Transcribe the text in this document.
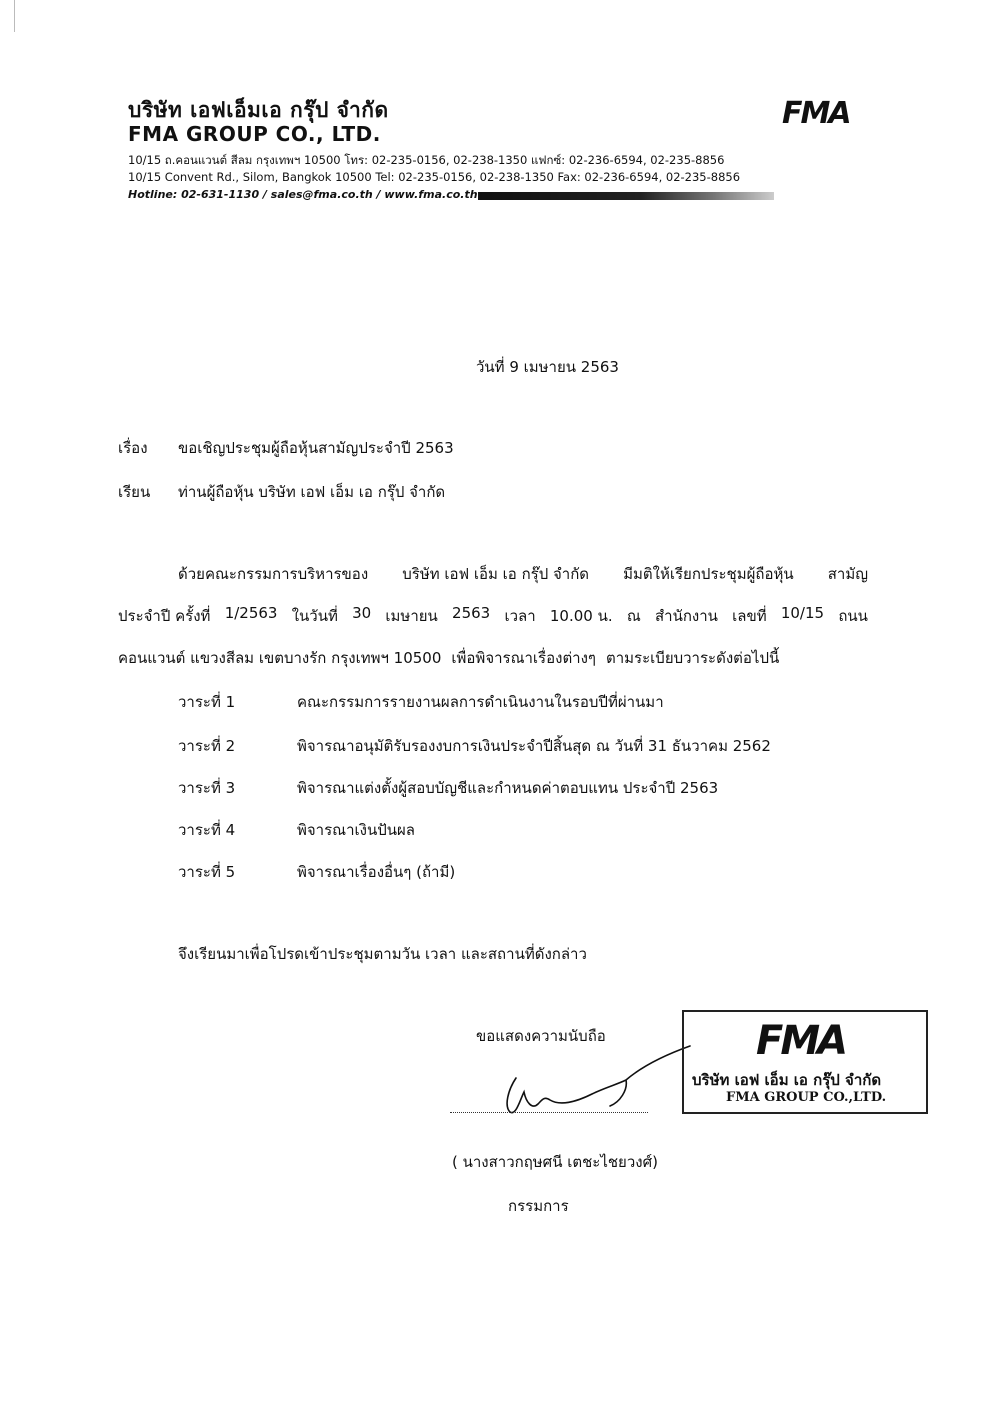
บริษัท เอฟเอ็มเอ กรุ๊ป จำกัด
FMA GROUP CO., LTD.
10/15 ถ.คอนแวนต์ สีลม กรุงเทพฯ 10500 โทร: 02-235-0156, 02-238-1350 แฟกซ์: 02-236-6594, 02-235-8856
10/15 Convent Rd., Silom, Bangkok 10500 Tel: 02-235-0156, 02-238-1350 Fax: 02-236-6594, 02-235-8856
Hotline: 02-631-1130 / sales@fma.co.th / www.fma.co.th
FMA
วันที่ 9 เมษายน 2563
เรื่อง ขอเชิญประชุมผู้ถือหุ้นสามัญประจำปี 2563
เรียน ท่านผู้ถือหุ้น บริษัท เอฟ เอ็ม เอ กรุ๊ป จำกัด
ด้วยคณะกรรมการบริหารของ บริษัท เอฟ เอ็ม เอ กรุ๊ป จำกัด มีมติให้เรียกประชุมผู้ถือหุ้น สามัญ
ประจำปี ครั้งที่ 1/2563 ในวันที่ 30 เมษายน 2563 เวลา 10.00 น. ณ สำนักงาน เลขที่ 10/15 ถนน
คอนแวนต์ แขวงสีลม เขตบางรัก กรุงเทพฯ 10500 เพื่อพิจารณาเรื่องต่างๆ ตามระเบียบวาระดังต่อไปนี้
วาระที่ 1	คณะกรรมการรายงานผลการดำเนินงานในรอบปีที่ผ่านมา
วาระที่ 2	พิจารณาอนุมัติรับรองงบการเงินประจำปีสิ้นสุด ณ วันที่ 31 ธันวาคม 2562
วาระที่ 3	พิจารณาแต่งตั้งผู้สอบบัญชีและกำหนดค่าตอบแทน ประจำปี 2563
วาระที่ 4	พิจารณาเงินปันผล
วาระที่ 5	พิจารณาเรื่องอื่นๆ (ถ้ามี)
จึงเรียนมาเพื่อโปรดเข้าประชุมตามวัน เวลา และสถานที่ดังกล่าว
ขอแสดงความนับถือ
( นางสาวกฤษศนี เตชะไชยวงศ์)
กรรมการ
FMA
บริษัท เอฟ เอ็ม เอ กรุ๊ป จำกัด
FMA GROUP CO.,LTD.
